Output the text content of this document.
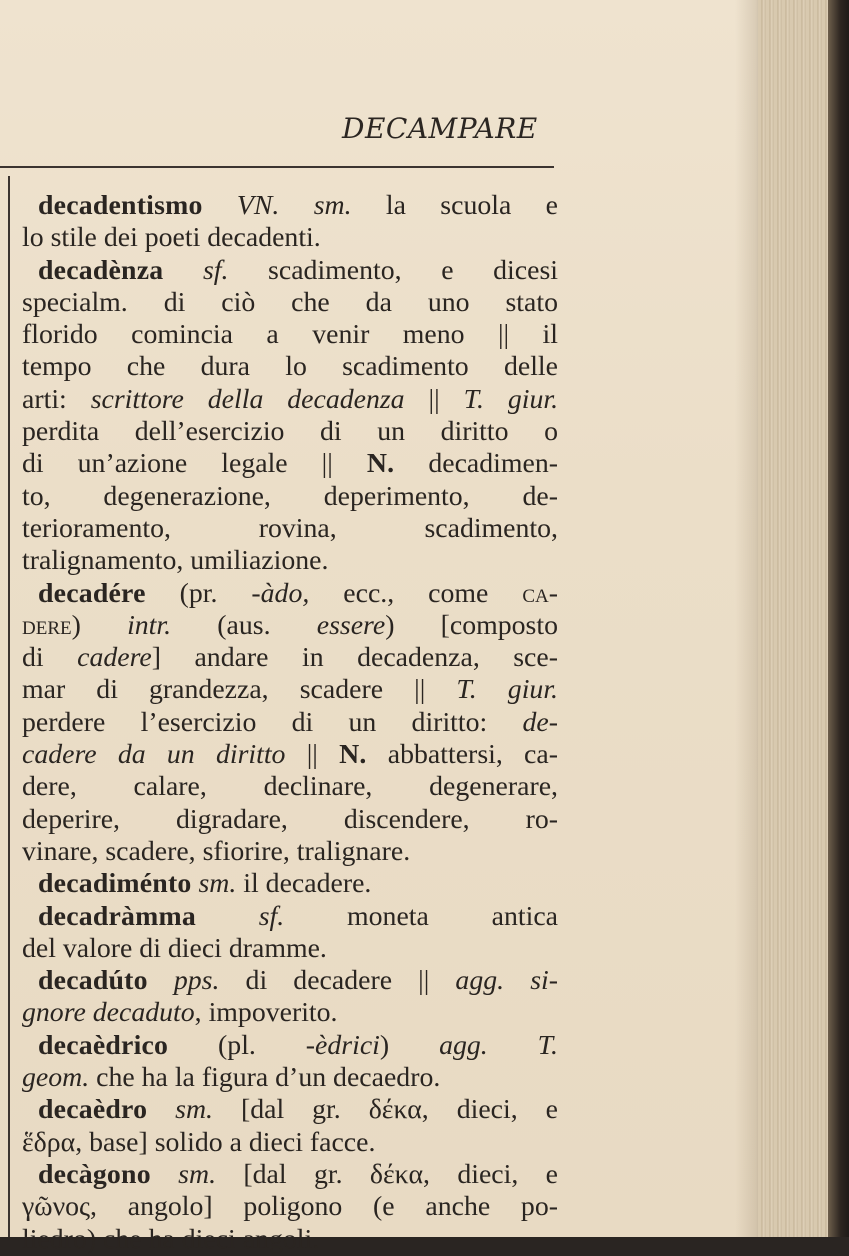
DECAMPARE
decadentismo VN. sm. la scuola e
lo stile dei poeti decadenti.
decadènza sf. scadimento, e dicesi
specialm. di ciò che da uno stato
florido comincia a venir meno || il
tempo che dura lo scadimento delle
arti: scrittore della decadenza || T. giur.
perdita dell’esercizio di un diritto o
di un’azione legale || N. decadimen-
to, degenerazione, deperimento, de-
terioramento, rovina, scadimento,
tralignamento, umiliazione.
decadére (pr. -àdo, ecc., come ca-
dere) intr. (aus. essere) [composto
di cadere] andare in decadenza, sce-
mar di grandezza, scadere || T. giur.
perdere l’esercizio di un diritto: de-
cadere da un diritto || N. abbattersi, ca-
dere, calare, declinare, degenerare,
deperire, digradare, discendere, ro-
vinare, scadere, sfiorire, tralignare.
decadiménto sm. il decadere.
decadràmma sf. moneta antica
del valore di dieci dramme.
decadúto pps. di decadere || agg. si-
gnore decaduto, impoverito.
decaèdrico (pl. -èdrici) agg. T.
geom. che ha la figura d’un decaedro.
decaèdro sm. [dal gr. δέκα, dieci, e
ἕδρα, base] solido a dieci facce.
decàgono sm. [dal gr. δέκα, dieci, e
γῶνος, angolo] poligono (e anche po-
liedro) che ha dieci angoli.
